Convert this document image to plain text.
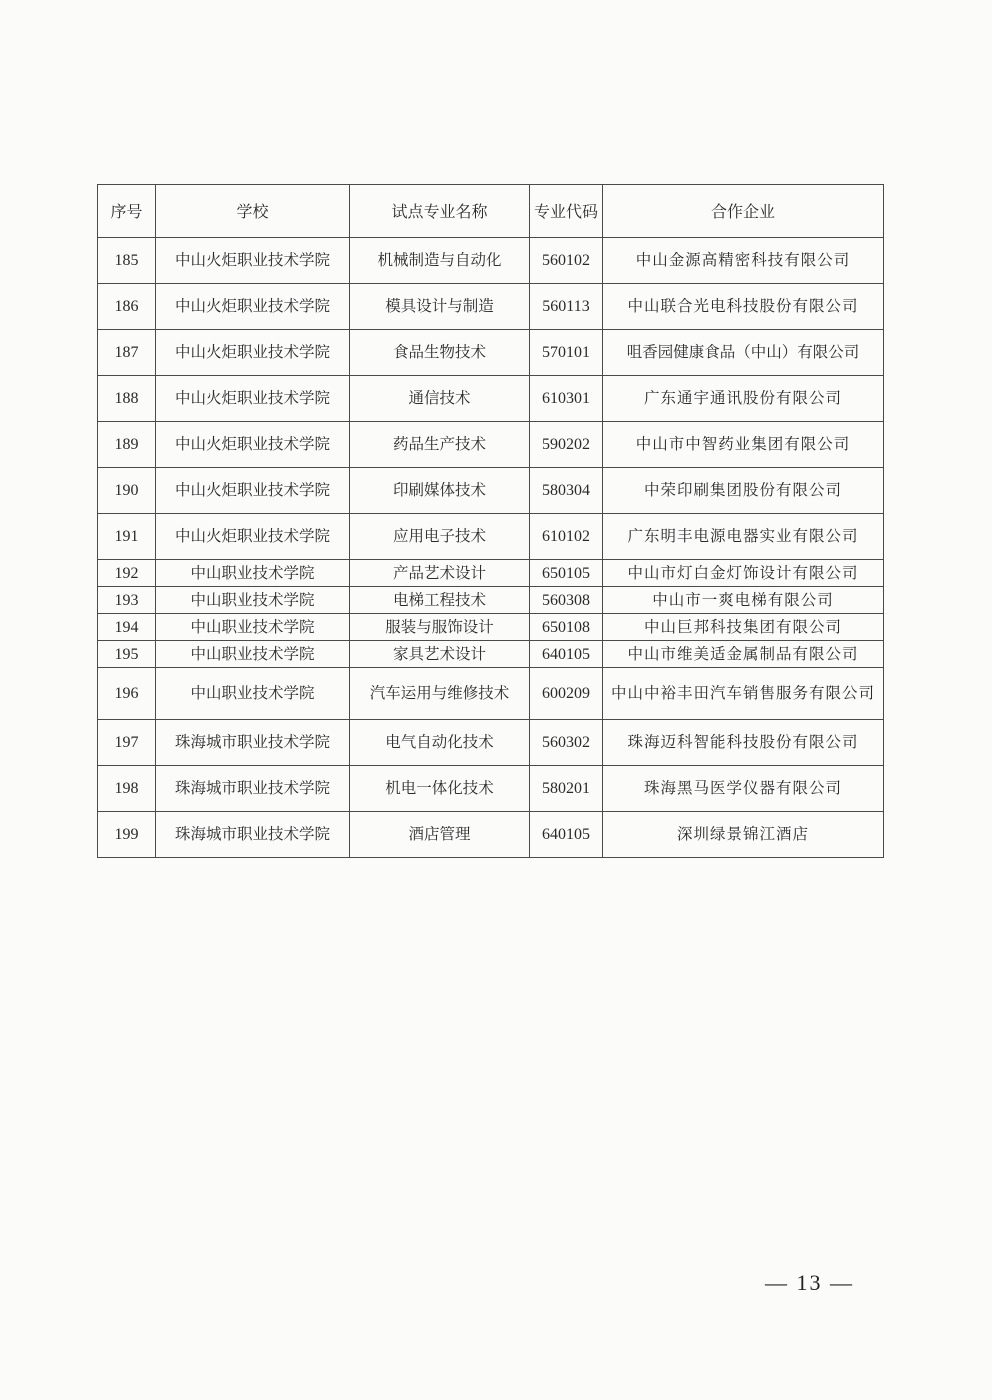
序号	学校	试点专业名称	专业代码	合作企业
185	中山火炬职业技术学院	机械制造与自动化	560102	中山金源高精密科技有限公司
186	中山火炬职业技术学院	模具设计与制造	560113	中山联合光电科技股份有限公司
187	中山火炬职业技术学院	食品生物技术	570101	咀香园健康食品（中山）有限公司
188	中山火炬职业技术学院	通信技术	610301	广东通宇通讯股份有限公司
189	中山火炬职业技术学院	药品生产技术	590202	中山市中智药业集团有限公司
190	中山火炬职业技术学院	印刷媒体技术	580304	中荣印刷集团股份有限公司
191	中山火炬职业技术学院	应用电子技术	610102	广东明丰电源电器实业有限公司
192	中山职业技术学院	产品艺术设计	650105	中山市灯白金灯饰设计有限公司
193	中山职业技术学院	电梯工程技术	560308	中山市一爽电梯有限公司
194	中山职业技术学院	服装与服饰设计	650108	中山巨邦科技集团有限公司
195	中山职业技术学院	家具艺术设计	640105	中山市维美适金属制品有限公司
196	中山职业技术学院	汽车运用与维修技术	600209	中山中裕丰田汽车销售服务有限公司
197	珠海城市职业技术学院	电气自动化技术	560302	珠海迈科智能科技股份有限公司
198	珠海城市职业技术学院	机电一体化技术	580201	珠海黑马医学仪器有限公司
199	珠海城市职业技术学院	酒店管理	640105	深圳绿景锦江酒店
— 13 —
